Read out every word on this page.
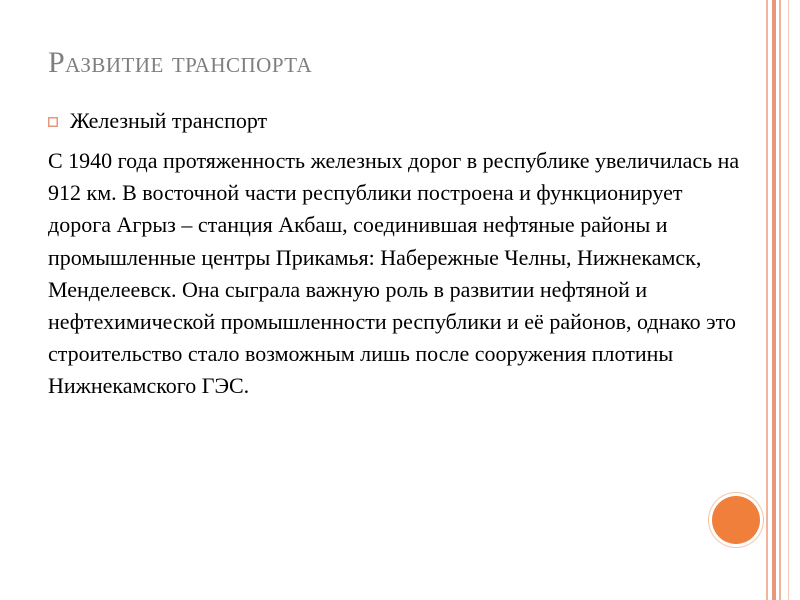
Развитие транспорта
Железный транспорт
С 1940 года протяженность железных дорог в республике увеличилась на 912 км. В восточной части республики построена и функционирует дорога Агрыз – станция Акбаш, соединившая нефтяные районы и промышленные центры Прикамья: Набережные Челны, Нижнекамск, Менделеевск. Она сыграла важную роль в развитии нефтяной и нефтехимической промышленности республики и её районов, однако это строительство стало возможным лишь после сооружения плотины Нижнекамского ГЭС.
